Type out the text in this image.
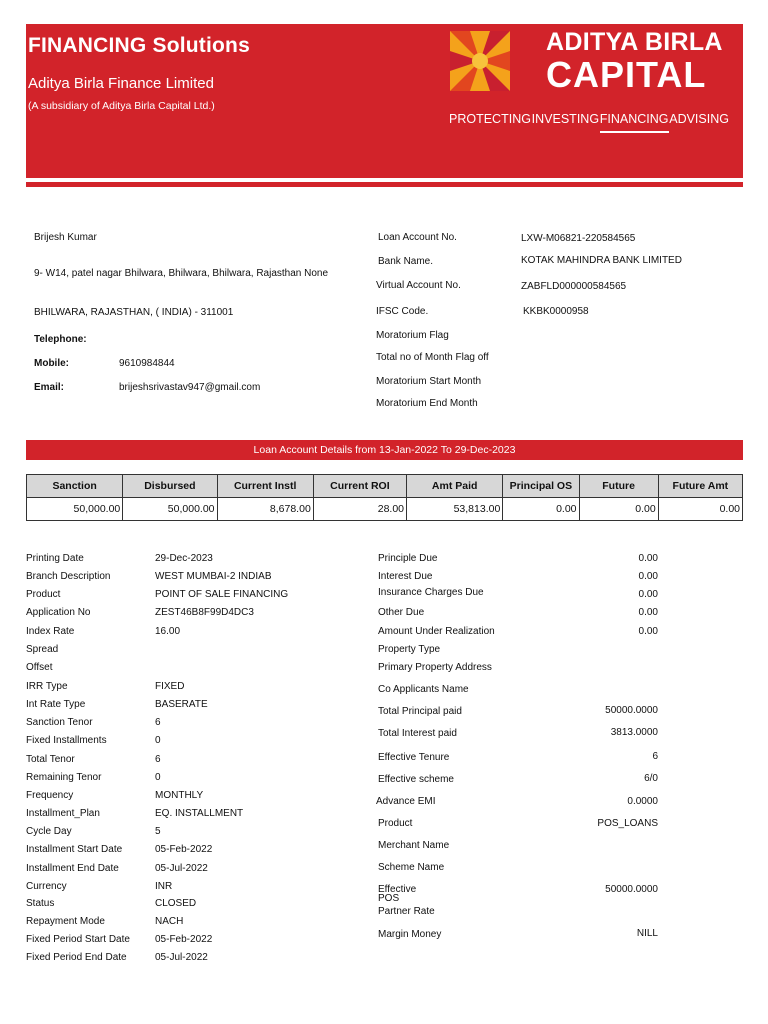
FINANCING Solutions
Aditya Birla Finance Limited
(A subsidiary of Aditya Birla Capital Ltd.)
ADITYA BIRLA
CAPITAL
PROTECTING INVESTING FINANCING ADVISING
Brijesh Kumar
9- W14, patel nagar Bhilwara, Bhilwara, Bhilwara, Rajasthan None
BHILWARA, RAJASTHAN, ( INDIA) - 311001
Telephone:
Mobile:	9610984844
Email:	brijeshsrivastav947@gmail.com
Loan Account No.	LXW-M06821-220584565
Bank Name.	KOTAK MAHINDRA BANK LIMITED
Virtual Account No.	ZABFLD000000584565
IFSC Code.	KKBK0000958
Moratorium Flag
Total no of Month Flag off
Moratorium Start Month
Moratorium End Month
Loan Account Details from 13-Jan-2022 To 29-Dec-2023
Sanction	Disbursed	Current Instl	Current ROI	Amt Paid	Principal OS	Future	Future Amt
50,000.00	50,000.00	8,678.00	28.00	53,813.00	0.00	0.00	0.00
Printing Date	29-Dec-2023
Branch Description	WEST MUMBAI-2 INDIAB
Product	POINT OF SALE FINANCING
Application No	ZEST46B8F99D4DC3
Index Rate	16.00
Spread
Offset
IRR Type	FIXED
Int Rate Type	BASERATE
Sanction Tenor	6
Fixed Installments	0
Total Tenor	6
Remaining Tenor	0
Frequency	MONTHLY
Installment_Plan	EQ. INSTALLMENT
Cycle Day	5
Installment Start Date	05-Feb-2022
Installment End Date	05-Jul-2022
Currency	INR
Status	CLOSED
Repayment Mode	NACH
Fixed Period Start Date	05-Feb-2022
Fixed Period End Date	05-Jul-2022
Principle Due	0.00
Interest Due	0.00
Insurance Charges Due	0.00
Other Due	0.00
Amount Under Realization	0.00
Property Type
Primary Property Address
Co Applicants Name
Total Principal paid	50000.0000
Total Interest paid	3813.0000
Effective Tenure	6
Effective scheme	6/0
Advance EMI	0.0000
Product	POS_LOANS
Merchant Name
Scheme Name
Effective	50000.0000
POS
Partner Rate
Margin Money	NILL
